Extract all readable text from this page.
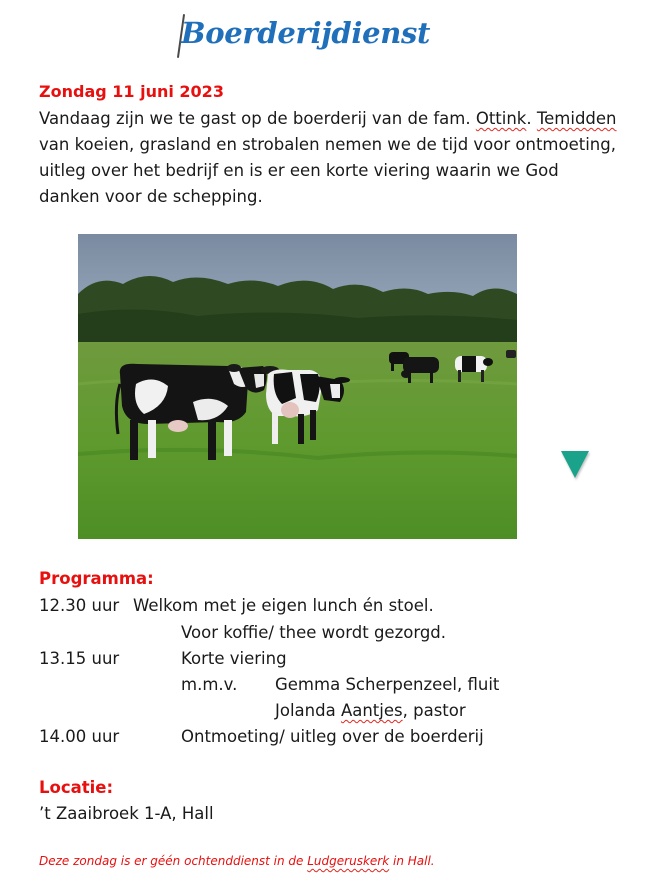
Boerderijdienst
Zondag 11 juni 2023
Vandaag zijn we te gast op de boerderij van de fam. Ottink. Temidden
van koeien, grasland en strobalen nemen we de tijd voor ontmoeting,
uitleg over het bedrijf en is er een korte viering waarin we God
danken voor de schepping.
Programma:
12.30 uur Welkom met je eigen lunch én stoel.
Voor koffie/ thee wordt gezorgd.
13.15 uur	Korte viering
m.m.v. Gemma Scherpenzeel, fluit
Jolanda Aantjes, pastor
14.00 uur	Ontmoeting/ uitleg over de boerderij
Locatie:
’t Zaaibroek 1-A, Hall
Deze zondag is er géén ochtenddienst in de Ludgeruskerk in Hall.
